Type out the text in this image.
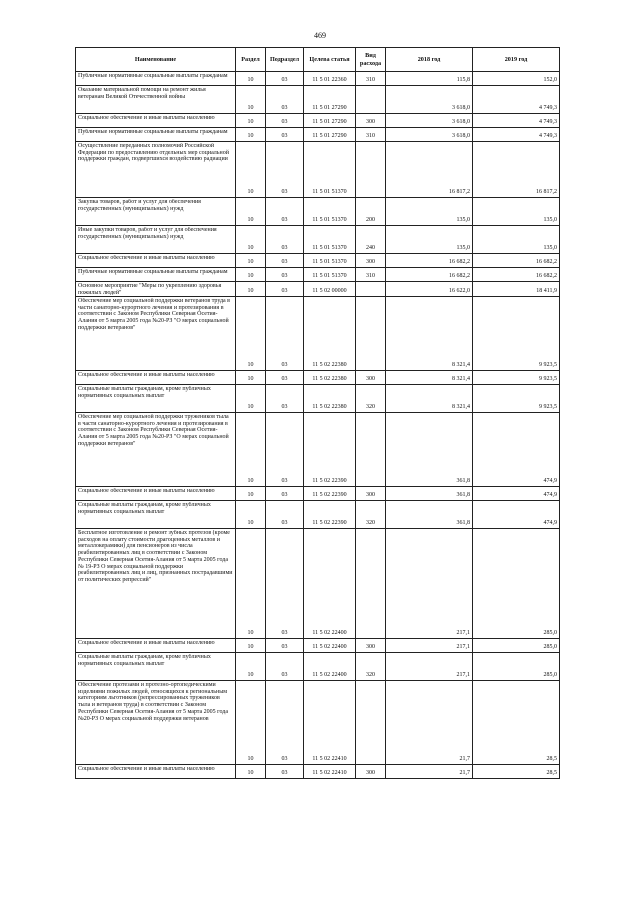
469
Наименование	Раздел	Подраздел	Целева статья	Вид расхода	2018 год	2019 год

Публичные нормативные социальные выплаты гражданам	10	03	11 5 01 22360	310	115,8	152,0

Оказание материальной помощи на ремонт жилья ветеранам Великой Отечественной войны	10	03	11 5 01 27290		3 618,0	4 749,3

Социальное обеспечение и иные выплаты населению	10	03	11 5 01 27290	300	3 618,0	4 749,3

Публичные нормативные социальные выплаты гражданам	10	03	11 5 01 27290	310	3 618,0	4 749,3

Осуществление переданных полномочий Российской Федерации по предоставлению отдельных мер социальной поддержки граждан, подвергшихся воздействию радиации	10	03	11 5 01 51370		16 817,2	16 817,2

Закупка товаров, работ и услуг для обеспечения государственных (муниципальных) нужд	10	03	11 5 01 51370	200	135,0	135,0

Иные закупки товаров, работ и услуг для обеспечения государственных (муниципальных) нужд	10	03	11 5 01 51370	240	135,0	135,0

Социальное обеспечение и иные выплаты населению	10	03	11 5 01 51370	300	16 682,2	16 682,2

Публичные нормативные социальные выплаты гражданам	10	03	11 5 01 51370	310	16 682,2	16 682,2

Основное мероприятие "Меры по укреплению здоровья пожилых людей"	10	03	11 5 02 00000		16 622,0	18 411,9

Обеспечение мер социальной поддержки ветеранов труда в части санаторно-курортного лечения и протезирования в соответствии с Законом Республики Северная Осетия-Алания от 5 марта 2005 года №20-РЗ "О мерах социальной поддержки ветеранов"	10	03	11 5 02 22380		8 321,4	9 923,5

Социальное обеспечение и иные выплаты населению	10	03	11 5 02 22380	300	8 321,4	9 923,5

Социальные выплаты гражданам, кроме публичных нормативных социальных выплат	10	03	11 5 02 22380	320	8 321,4	9 923,5

Обеспечение мер социальной поддержки тружеников тыла в части санаторно-курортного лечения и протезирования в соответствии с Законом Республики Северная Осетия-Алания от 5 марта 2005 года №20-РЗ "О мерах социальной поддержки ветеранов"	10	03	11 5 02 22390		361,8	474,9

Социальное обеспечение и иные выплаты населению	10	03	11 5 02 22390	300	361,8	474,9

Социальные выплаты гражданам, кроме публичных нормативных социальных выплат	10	03	11 5 02 22390	320	361,8	474,9

Бесплатное изготовление и ремонт зубных протезов (кроме расходов на оплату стоимости драгоценных металлов и металлокерамики) для пенсионеров из числа реабилитированных лиц в соответствии с Законом Республики Северная Осетия-Алания от 5 марта 2005 года № 19-РЗ О мерах социальной поддержки реабилитированных лиц и лиц, признанных пострадавшими от политических репрессий"	10	03	11 5 02 22400		217,1	285,0

Социальное обеспечение и иные выплаты населению	10	03	11 5 02 22400	300	217,1	285,0

Социальные выплаты гражданам, кроме публичных нормативных социальных выплат	10	03	11 5 02 22400	320	217,1	285,0

Обеспечение протезами и протезно-ортопедическими изделиями пожилых людей, относящихся к региональным категориям льготников (репрессированных тружеников тыла и ветеранов труда) в соответствии с Законом Республики Северная Осетия-Алания от 5 марта 2005 года №20-РЗ О мерах социальной поддержки ветеранов	10	03	11 5 02 22410		21,7	28,5

Социальное обеспечение и иные выплаты населению	10	03	11 5 02 22410	300	21,7	28,5
